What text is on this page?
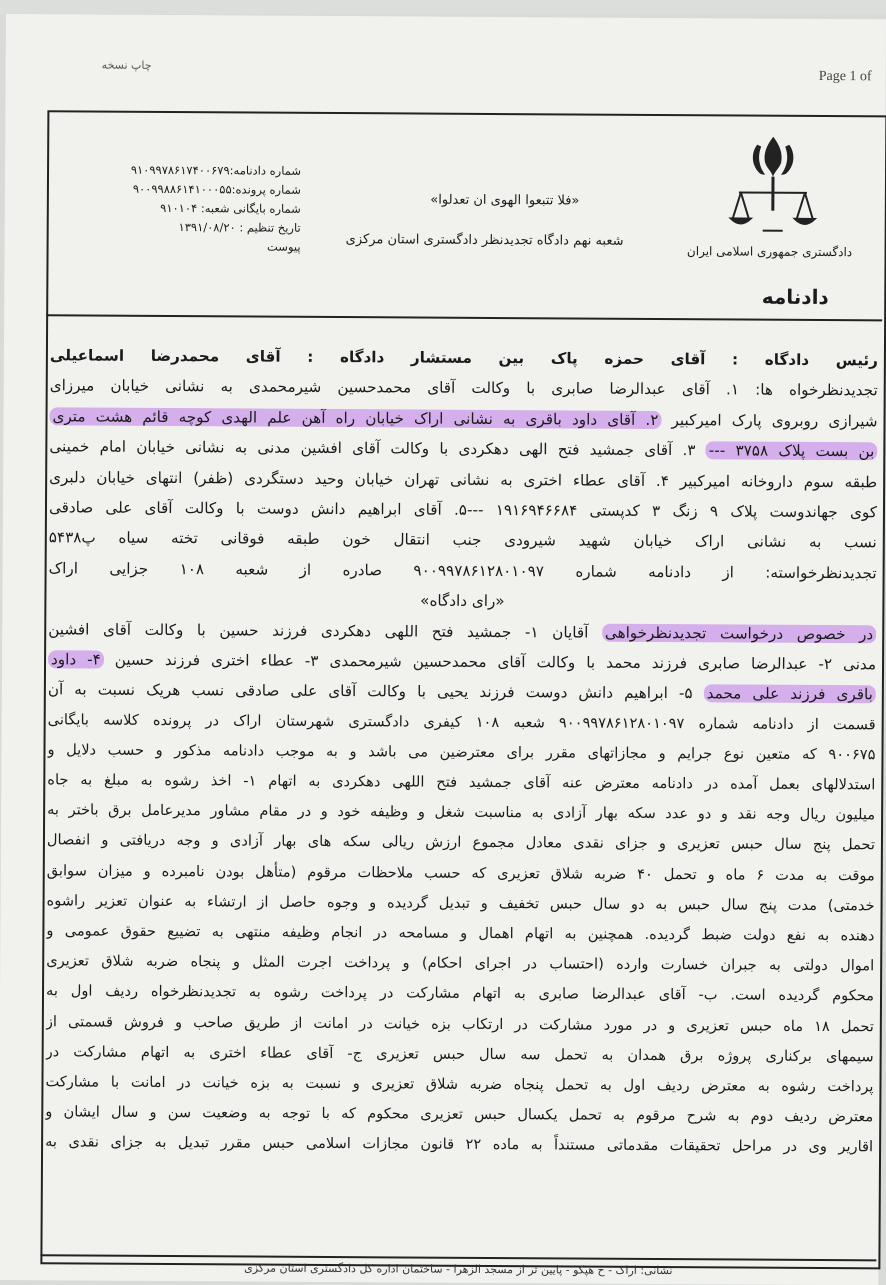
Page 1 of
چاپ نسخه
دادگستری جمهوری اسلامی ایران
«فلا تتبعوا الهوی ان تعدلوا»
شعبه نهم دادگاه تجدیدنظر دادگستری استان مرکزی
شماره دادنامه:۹۱۰۹۹۷۸۶۱۷۴۰۰۶۷۹
شماره پرونده:۹۰۰۹۹۸۸۶۱۴۱۰۰۰۵۵
شماره بایگانی شعبه: ۹۱۰۱۰۴
تاریخ تنظیم : ۱۳۹۱/۰۸/۲۰
پیوست
دادنامه
رئیس دادگاه : آقای حمزه پاک بین مستشار دادگاه : آقای محمدرضا اسماعیلی
تجدیدنظرخواه ها: ۱. آقای عبدالرضا صابری با وکالت آقای محمدحسین شیرمحمدی به نشانی خیابان میرزای
شیرازی روبروی پارک امیرکبیر ۲. آقای داود باقری به نشانی اراک خیابان راه آهن علم الهدی کوچه قائم هشت متری
بن بست پلاک ۳۷۵۸ --- ۳. آقای جمشید فتح الهی دهکردی با وکالت آقای افشین مدنی به نشانی خیابان امام خمینی
طبقه سوم داروخانه امیرکبیر ۴. آقای عطاء اختری به نشانی تهران خیابان وحید دستگردی (ظفر) انتهای خیابان دلبری
کوی جهاندوست پلاک ۹ زنگ ۳ کدپستی ۱۹۱۶۹۴۶۶۸۴ ---۵. آقای ابراهیم دانش دوست با وکالت آقای علی صادقی
نسب به نشانی اراک خیابان شهید شیرودی جنب انتقال خون طبقه فوقانی تخته سیاه پ۵۴۳۸
تجدیدنظرخواسته: از دادنامه شماره ۹۰۰۹۹۷۸۶۱۲۸۰۱۰۹۷ صادره از شعبه ۱۰۸ جزایی اراک
«رای دادگاه»
در خصوص درخواست تجدیدنظرخواهی آقایان ۱- جمشید فتح اللهی دهکردی فرزند حسین با وکالت آقای افشین
مدنی ۲- عبدالرضا صابری فرزند محمد با وکالت آقای محمدحسین شیرمحمدی ۳- عطاء اختری فرزند حسین ۴- داود
باقری فرزند علی محمد ۵- ابراهیم دانش دوست فرزند یحیی با وکالت آقای علی صادقی نسب هریک نسبت به آن
قسمت از دادنامه شماره ۹۰۰۹۹۷۸۶۱۲۸۰۱۰۹۷ شعبه ۱۰۸ کیفری دادگستری شهرستان اراک در پرونده کلاسه بایگانی
۹۰۰۶۷۵ که متعین نوع جرایم و مجازاتهای مقرر برای معترضین می باشد و به موجب دادنامه مذکور و حسب دلایل و
استدلالهای بعمل آمده در دادنامه معترض عنه آقای جمشید فتح اللهی دهکردی به اتهام ۱- اخذ رشوه به مبلغ به جاه
میلیون ریال وجه نقد و دو عدد سکه بهار آزادی به مناسبت شغل و وظیفه خود و در مقام مشاور مدیرعامل برق باختر به
تحمل پنج سال حبس تعزیری و جزای نقدی معادل مجموع ارزش ریالی سکه های بهار آزادی و وجه دریافتی و انفصال
موقت به مدت ۶ ماه و تحمل ۴۰ ضربه شلاق تعزیری که حسب ملاحظات مرقوم (متأهل بودن نامبرده و میزان سوابق
خدمتی) مدت پنج سال حبس به دو سال حبس تخفیف و تبدیل گردیده و وجوه حاصل از ارتشاء به عنوان تعزیر راشوه
دهنده به نفع دولت ضبط گردیده. همچنین به اتهام اهمال و مسامحه در انجام وظیفه منتهی به تضییع حقوق عمومی و
اموال دولتی به جبران خسارت وارده (احتساب در اجرای احکام) و پرداخت اجرت المثل و پنجاه ضربه شلاق تعزیری
محکوم گردیده است. ب- آقای عبدالرضا صابری به اتهام مشارکت در پرداخت رشوه به تجدیدنظرخواه ردیف اول به
تحمل ۱۸ ماه حبس تعزیری و در مورد مشارکت در ارتکاب بزه خیانت در امانت از طریق صاحب و فروش قسمتی از
سیمهای برکناری پروژه برق همدان به تحمل سه سال حبس تعزیری ج- آقای عطاء اختری به اتهام مشارکت در
پرداخت رشوه به معترض ردیف اول به تحمل پنجاه ضربه شلاق تعزیری و نسبت به بزه خیانت در امانت با مشارکت
معترض ردیف دوم به شرح مرقوم به تحمل یکسال حبس تعزیری محکوم که با توجه به وضعیت سن و سال ایشان و
اقاریر وی در مراحل تحقیقات مقدماتی مستنداً به ماده ۲۲ قانون مجازات اسلامی حبس مقرر تبدیل به جزای نقدی به
نشانی: اراک - ح هپکو - پایین تر از مسجد الزهرا - ساختمان اداره کل دادگستری استان مرکزی
